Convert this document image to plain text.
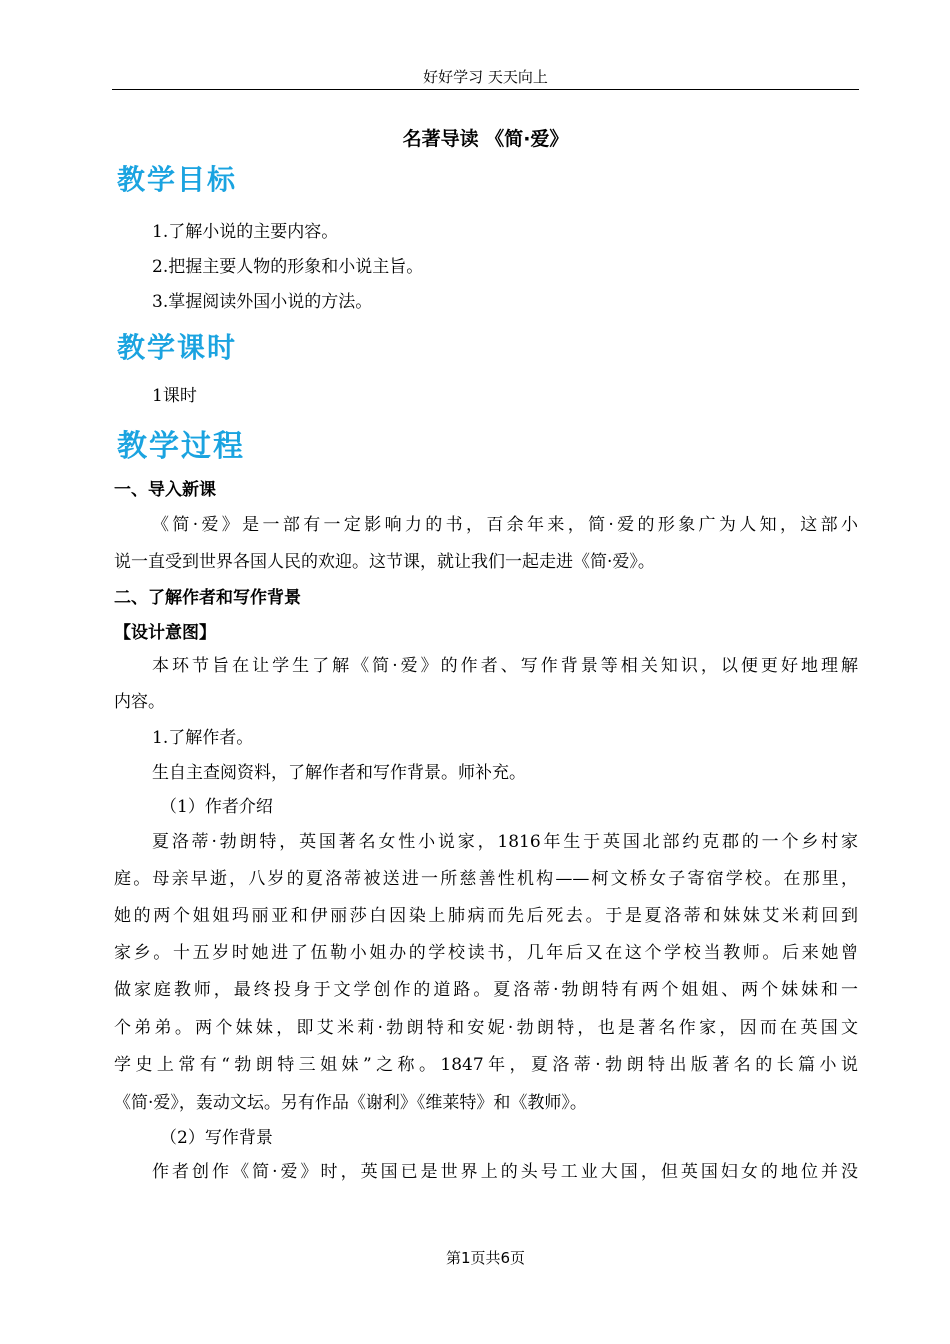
好好学习 天天向上
名著导读 《简·爱》
教学目标
1.了解小说的主要内容。
2.把握主要人物的形象和小说主旨。
3.掌握阅读外国小说的方法。
教学课时
1课时
教学过程
一、导入新课
《简·爱》是一部有一定影响力的书，百余年来，简·爱的形象广为人知，这部小
说一直受到世界各国人民的欢迎。这节课，就让我们一起走进《简·爱》。
二、了解作者和写作背景
【设计意图】
本环节旨在让学生了解《简·爱》的作者、写作背景等相关知识，以便更好地理解
内容。
1.了解作者。
生自主查阅资料，了解作者和写作背景。师补充。
（1）作者介绍
夏洛蒂·勃朗特，英国著名女性小说家，1816年生于英国北部约克郡的一个乡村家
庭。母亲早逝，八岁的夏洛蒂被送进一所慈善性机构——柯文桥女子寄宿学校。在那里，
她的两个姐姐玛丽亚和伊丽莎白因染上肺病而先后死去。于是夏洛蒂和妹妹艾米莉回到
家乡。十五岁时她进了伍勒小姐办的学校读书，几年后又在这个学校当教师。后来她曾
做家庭教师，最终投身于文学创作的道路。夏洛蒂·勃朗特有两个姐姐、两个妹妹和一
个弟弟。两个妹妹，即艾米莉·勃朗特和安妮·勃朗特，也是著名作家，因而在英国文
学史上常有“勃朗特三姐妹”之称。1847年，夏洛蒂·勃朗特出版著名的长篇小说
《简·爱》，轰动文坛。另有作品《谢利》《维莱特》和《教师》。
（2）写作背景
作者创作《简·爱》时，英国已是世界上的头号工业大国，但英国妇女的地位并没
第1页共6页
